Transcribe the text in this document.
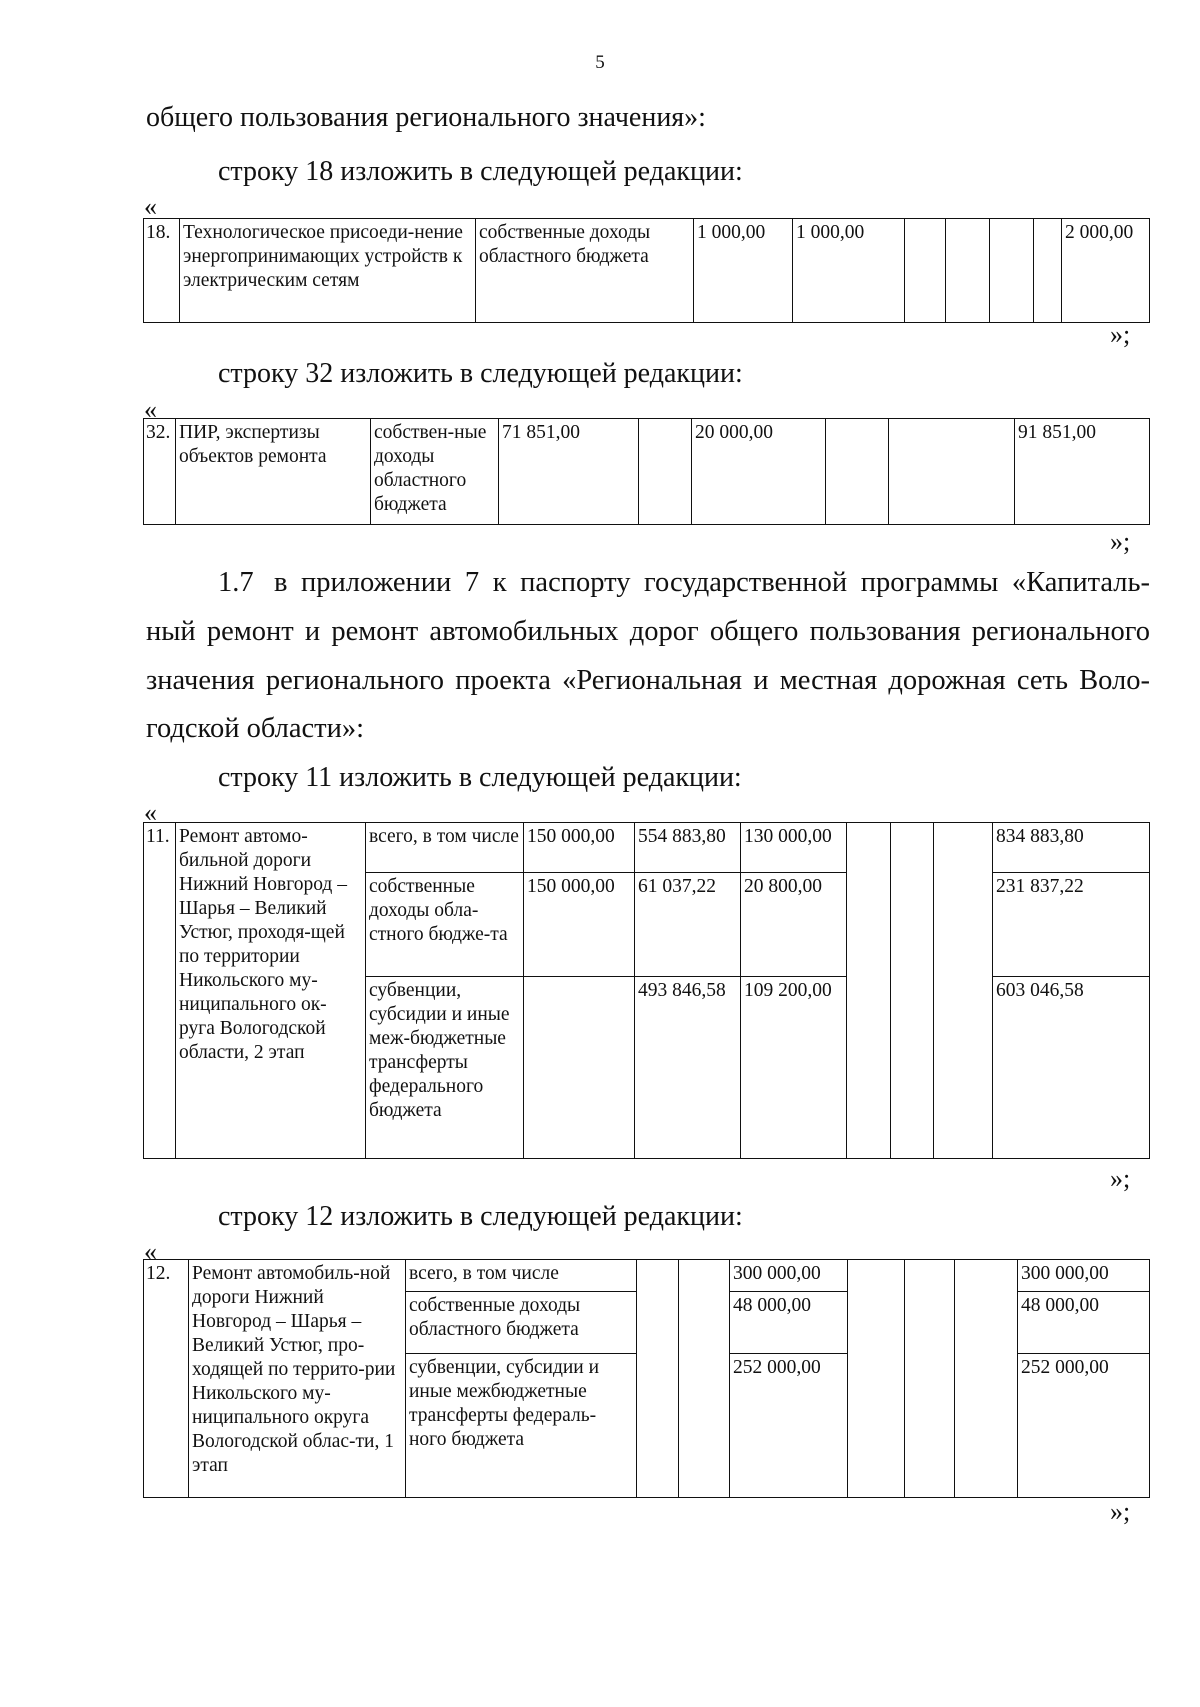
5
общего пользования регионального значения»:
строку 18 изложить в следующей редакции:
«
18.	Технологическое присоеди-нение энергопринимающих устройств к электрическим сетям	собственные доходы областного бюджета	1 000,00	1 000,00					2 000,00
»;
строку 32 изложить в следующей редакции:
«
32.	ПИР, экспертизы объектов ремонта	собствен-ные доходы областного бюджета	71 851,00		20 000,00			91 851,00
»;
1.7 в приложении 7 к паспорту государственной программы «Капиталь-
ный ремонт и ремонт автомобильных дорог общего пользования регионального
значения регионального проекта «Региональная и местная дорожная сеть Воло-
годской области»:
строку 11 изложить в следующей редакции:
«
11.	Ремонт автомо-бильной дороги Нижний Новгород – Шарья – Великий Устюг, проходя-щей по территории Никольского му-ниципального ок-руга Вологодской области, 2 этап	всего, в том числе	150 000,00	554 883,80	130 000,00				834 883,80
		собственные доходы обла-стного бюдже-та	150 000,00	61 037,22	20 800,00				231 837,22
		субвенции, субсидии и иные меж-бюджетные трансферты федерального бюджета		493 846,58	109 200,00				603 046,58
»;
строку 12 изложить в следующей редакции:
«
12.	Ремонт автомобиль-ной дороги Нижний Новгород – Шарья – Великий Устюг, про-ходящей по террито-рии Никольского му-ниципального округа Вологодской облас-ти, 1 этап	всего, в том числе			300 000,00				300 000,00
		собственные доходы областного бюджета			48 000,00				48 000,00
		субвенции, субсидии и иные межбюджетные трансферты федераль-ного бюджета			252 000,00				252 000,00
»;
